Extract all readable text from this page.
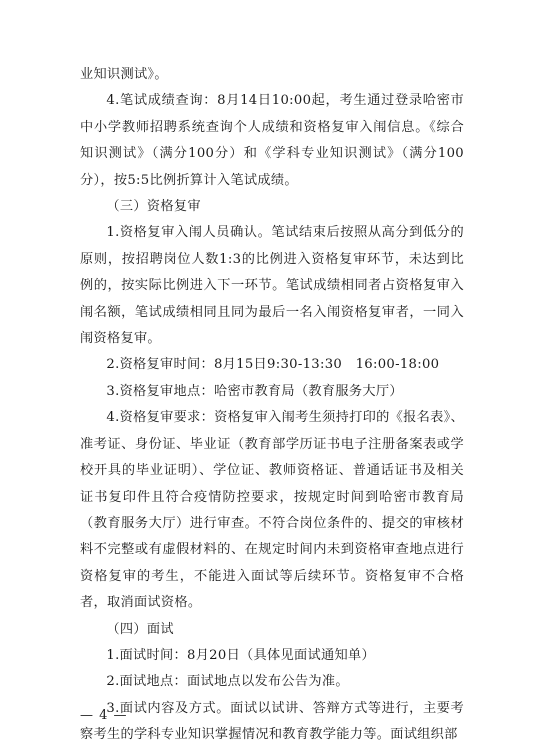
业知识测试》。

4.笔试成绩查询：8月14日10:00起，考生通过登录哈密市中小学教师招聘系统查询个人成绩和资格复审入闱信息。《综合知识测试》（满分100分）和《学科专业知识测试》（满分100分），按5:5比例折算计入笔试成绩。

（三）资格复审

1.资格复审入闱人员确认。笔试结束后按照从高分到低分的原则，按招聘岗位人数1:3的比例进入资格复审环节，未达到比例的，按实际比例进入下一环节。笔试成绩相同者占资格复审入闱名额，笔试成绩相同且同为最后一名入闱资格复审者，一同入闱资格复审。

2.资格复审时间：8月15日9:30-13:30　16:00-18:00

3.资格复审地点：哈密市教育局（教育服务大厅）

4.资格复审要求：资格复审入闱考生须持打印的《报名表》、准考证、身份证、毕业证（教育部学历证书电子注册备案表或学校开具的毕业证明）、学位证、教师资格证、普通话证书及相关证书复印件且符合疫情防控要求，按规定时间到哈密市教育局（教育服务大厅）进行审查。不符合岗位条件的、提交的审核材料不完整或有虚假材料的、在规定时间内未到资格审查地点进行资格复审的考生，不能进入面试等后续环节。资格复审不合格者，取消面试资格。

（四）面试

1.面试时间：8月20日（具体见面试通知单）

2.面试地点：面试地点以发布公告为准。

3.面试内容及方式。面试以试讲、答辩方式等进行，主要考察考生的学科专业知识掌握情况和教育教学能力等。面试组织部

— 4 —
